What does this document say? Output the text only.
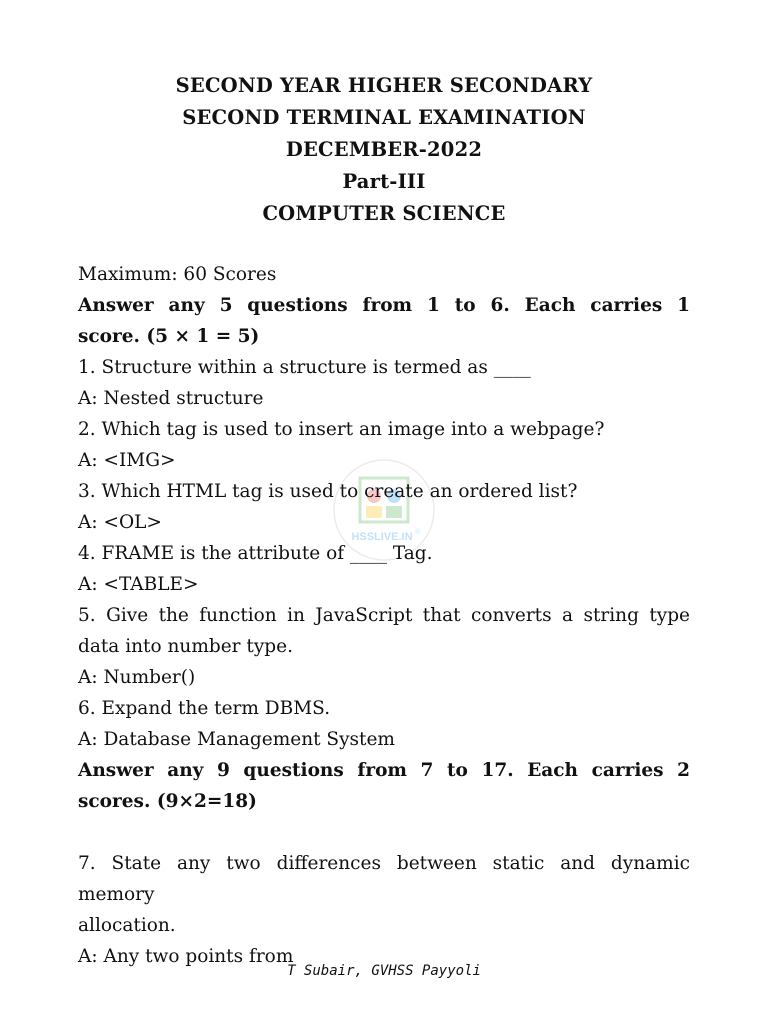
SECOND YEAR HIGHER SECONDARY
SECOND TERMINAL EXAMINATION
DECEMBER-2022
Part-III
COMPUTER SCIENCE
HSSLIVE.IN ®
Maximum: 60 Scores
Answer any 5 questions from 1 to 6. Each carries 1
score. (5 × 1 = 5)
1. Structure within a structure is termed as ____
A: Nested structure
2. Which tag is used to insert an image into a webpage?
A: <IMG>
3. Which HTML tag is used to create an ordered list?
A: <OL>
4. FRAME is the attribute of ____ Tag.
A: <TABLE>
5. Give the function in JavaScript that converts a string type
data into number type.
A: Number()
6. Expand the term DBMS.
A: Database Management System
Answer any 9 questions from 7 to 17. Each carries 2
scores. (9×2=18)
7. State any two differences between static and dynamic memory
allocation.
A: Any two points from
T Subair, GVHSS Payyoli
